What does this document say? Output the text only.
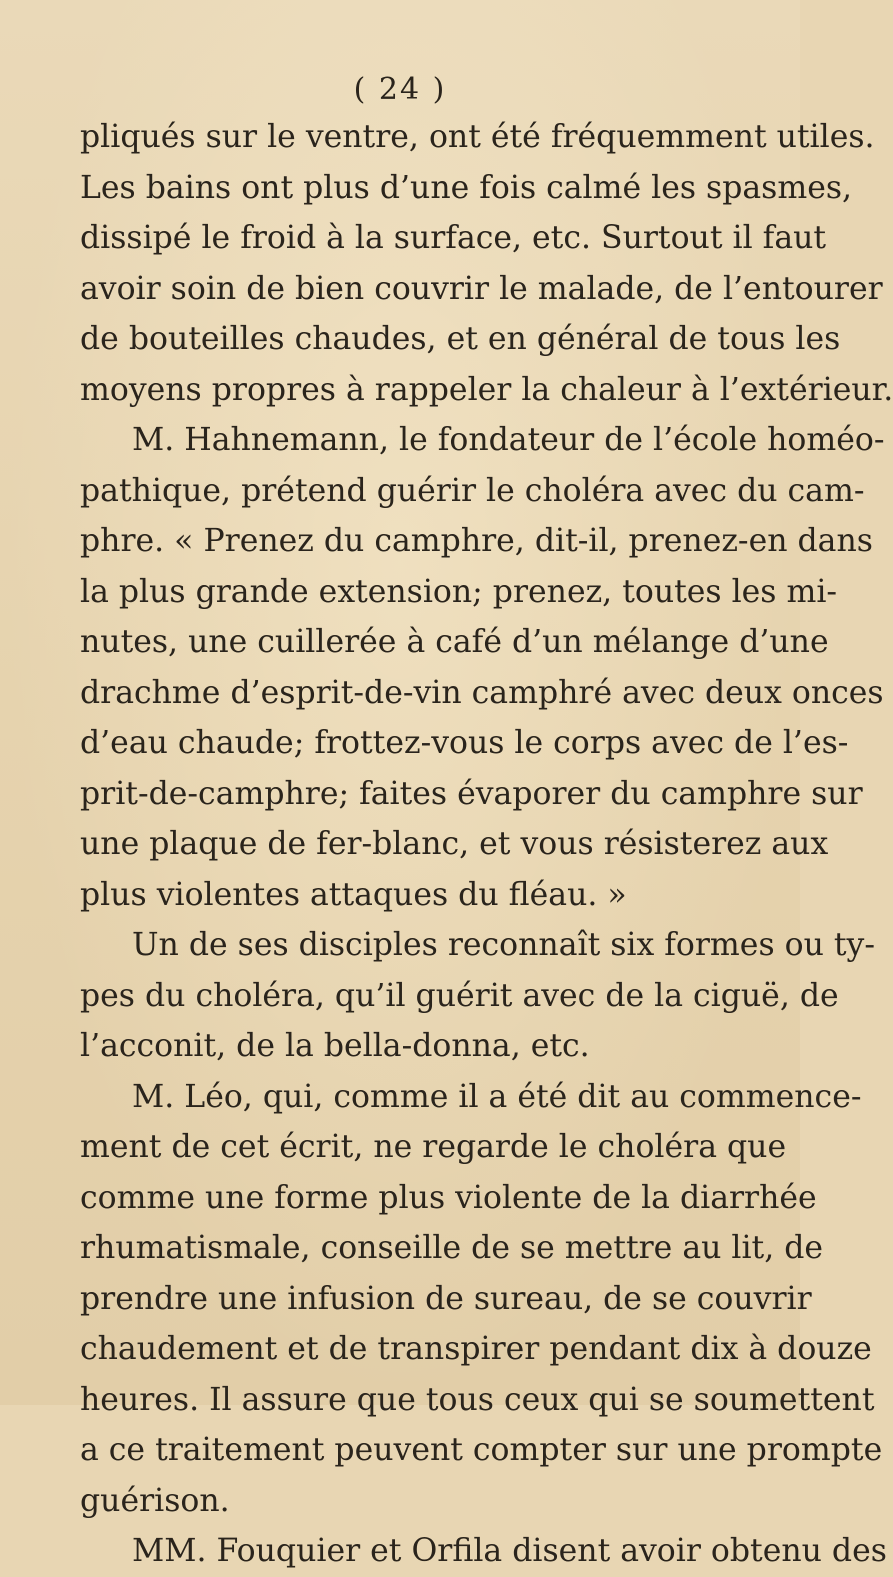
( 24 )
pliqués sur le ventre, ont été fréquemment utiles.
Les bains ont plus d’une fois calmé les spasmes,
dissipé le froid à la surface, etc. Surtout il faut
avoir soin de bien couvrir le malade, de l’entourer
de bouteilles chaudes, et en général de tous les
moyens propres à rappeler la chaleur à l’extérieur.
M. Hahnemann, le fondateur de l’école homéo-
pathique, prétend guérir le choléra avec du cam-
phre. « Prenez du camphre, dit-il, prenez-en dans
la plus grande extension; prenez, toutes les mi-
nutes, une cuillerée à café d’un mélange d’une
drachme d’esprit-de-vin camphré avec deux onces
d’eau chaude; frottez-vous le corps avec de l’es-
prit-de-camphre; faites évaporer du camphre sur
une plaque de fer-blanc, et vous résisterez aux
plus violentes attaques du fléau. »
Un de ses disciples reconnaît six formes ou ty-
pes du choléra, qu’il guérit avec de la ciguë, de
l’acconit, de la bella-donna, etc.
M. Léo, qui, comme il a été dit au commence-
ment de cet écrit, ne regarde le choléra que
comme une forme plus violente de la diarrhée
rhumatismale, conseille de se mettre au lit, de
prendre une infusion de sureau, de se couvrir
chaudement et de transpirer pendant dix à douze
heures. Il assure que tous ceux qui se soumettent
a ce traitement peuvent compter sur une prompte
guérison.
MM. Fouquier et Orfila disent avoir obtenu des
